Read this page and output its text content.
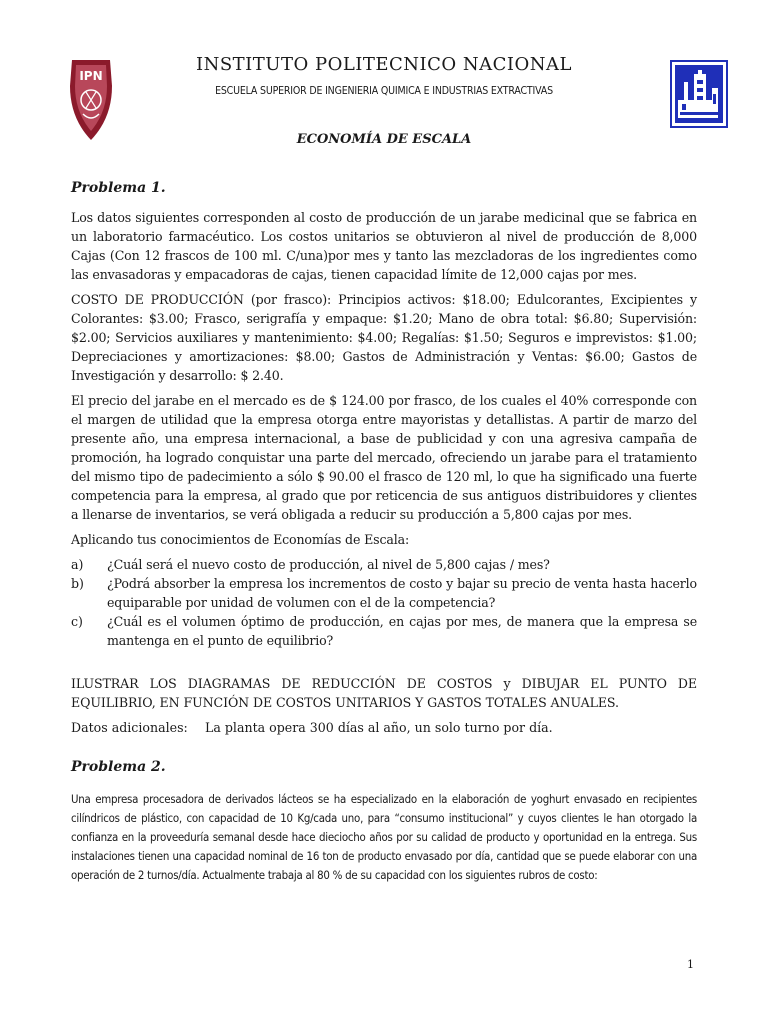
IPN
INSTITUTO POLITECNICO NACIONAL
ESCUELA SUPERIOR DE INGENIERIA QUIMICA E INDUSTRIAS EXTRACTIVAS
ECONOMÍA DE ESCALA
Problema 1.

Los datos siguientes corresponden al costo de producción de un jarabe medicinal que se fabrica en un laboratorio farmacéutico. Los costos unitarios se obtuvieron al nivel de producción de 8,000 Cajas (Con 12 frascos de 100 ml. C/una)por mes y tanto las mezcladoras de los ingredientes como las envasadoras y empacadoras de cajas, tienen capacidad límite de 12,000 cajas por mes.

COSTO DE PRODUCCIÓN (por frasco): Principios activos: $18.00; Edulcorantes, Excipientes y Colorantes: $3.00; Frasco, serigrafía y empaque: $1.20; Mano de obra total: $6.80; Supervisión: $2.00; Servicios auxiliares y mantenimiento: $4.00; Regalías: $1.50; Seguros e imprevistos: $1.00; Depreciaciones y amortizaciones: $8.00; Gastos de Administración y Ventas: $6.00; Gastos de Investigación y desarrollo: $ 2.40.

El precio del jarabe en el mercado es de $ 124.00 por frasco, de los cuales el 40% corresponde con el margen de utilidad que la empresa otorga entre mayoristas y detallistas. A partir de marzo del presente año, una empresa internacional, a base de publicidad y con una agresiva campaña de promoción, ha logrado conquistar una parte del mercado, ofreciendo un jarabe para el tratamiento del mismo tipo de padecimiento a sólo $ 90.00 el frasco de 120 ml, lo que ha significado una fuerte competencia para la empresa, al grado que por reticencia de sus antiguos distribuidores y clientes a llenarse de inventarios, se verá obligada a reducir su producción a 5,800 cajas por mes.

Aplicando tus conocimientos de Economías de Escala:

a)	¿Cuál será el nuevo costo de producción, al nivel de 5,800 cajas / mes?
b)	¿Podrá absorber la empresa los incrementos de costo y bajar su precio de venta hasta hacerlo equiparable por unidad de volumen con el de la competencia?
c)	¿Cuál es el volumen óptimo de producción, en cajas por mes, de manera que la empresa se mantenga en el punto de equilibrio?

ILUSTRAR LOS DIAGRAMAS DE REDUCCIÓN DE COSTOS y DIBUJAR EL PUNTO DE EQUILIBRIO, EN FUNCIÓN DE COSTOS UNITARIOS Y GASTOS TOTALES ANUALES.

Datos adicionales:	La planta opera 300 días al año, un solo turno por día.
Problema 2.

Una empresa procesadora de derivados lácteos se ha especializado en la elaboración de yoghurt envasado en recipientes cilíndricos de plástico, con capacidad de 10 Kg/cada uno, para “consumo institucional” y cuyos clientes le han otorgado la confianza en la proveeduría semanal desde hace dieciocho años por su calidad de producto y oportunidad en la entrega. Sus instalaciones tienen una capacidad nominal de 16 ton de producto envasado por día, cantidad que se puede elaborar con una operación de 2 turnos/día. Actualmente trabaja al 80 % de su capacidad con los siguientes rubros de costo:

1
